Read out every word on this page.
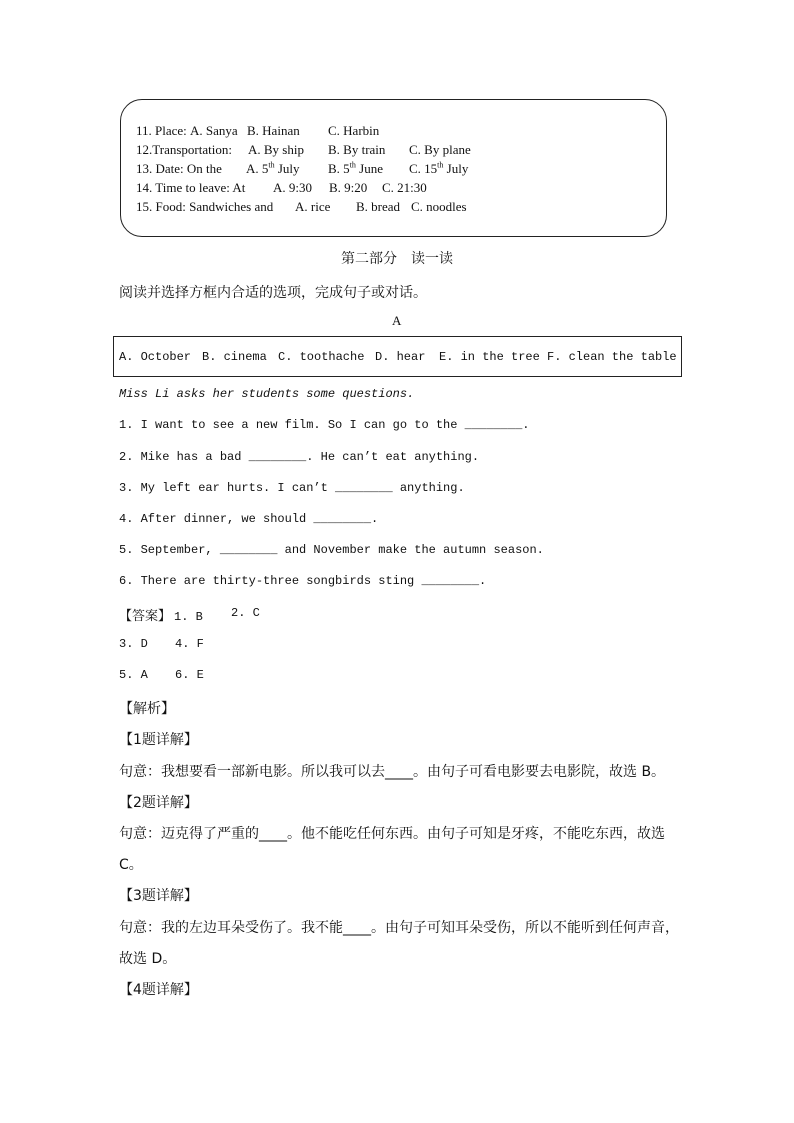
11. Place: A. Sanya B. Hainan C. Harbin
12.Transportation: A. By ship B. By train C. By plane
13. Date: On the A. 5th July B. 5th June C. 15th July
14. Time to leave: At A. 9:30 B. 9:20 C. 21:30
15. Food: Sandwiches and A. rice B. bread C. noodles
第二部分　读一读
阅读并选择方框内合适的选项，完成句子或对话。
A
A. October B. cinema C. toothache D. hear E. in the tree F. clean the table
Miss Li asks her students some questions.
1. I want to see a new film. So I can go to the ________.
2. Mike has a bad ________. He can’t eat anything.
3. My left ear hurts. I can’t ________ anything.
4. After dinner, we should ________.
5. September, ________ and November make the autumn season.
6. There are thirty-three songbirds sting ________.
【答案】 1. B 2. C
3. D 4. F
5. A 6. E
【解析】
【1题详解】
句意：我想要看一部新电影。所以我可以去____。由句子可看电影要去电影院，故选 B。
【2题详解】
句意：迈克得了严重的____。他不能吃任何东西。由句子可知是牙疼，不能吃东西，故选
C。
【3题详解】
句意：我的左边耳朵受伤了。我不能____。由句子可知耳朵受伤，所以不能听到任何声音，
故选 D。
【4题详解】
